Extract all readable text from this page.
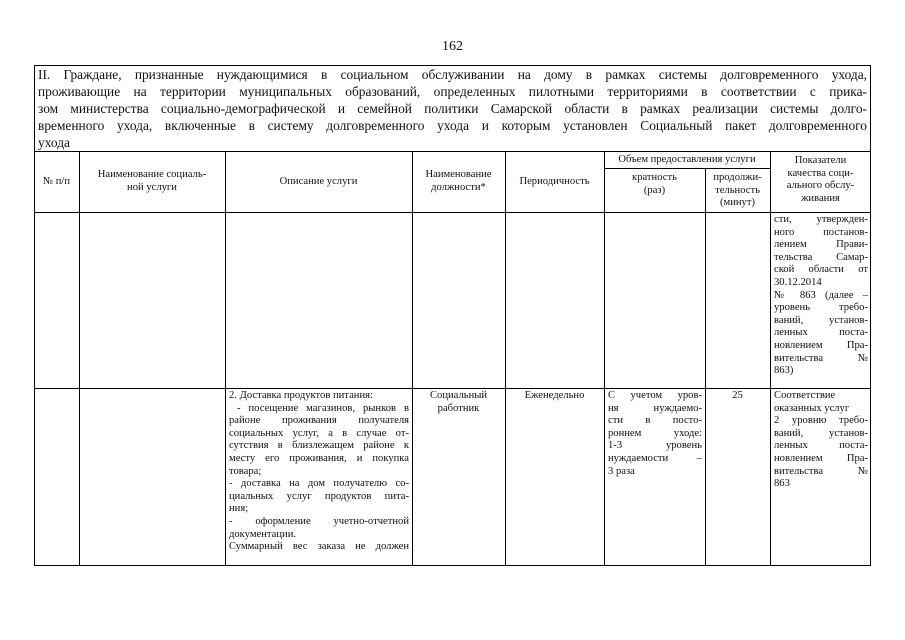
162
II. Граждане, признанные нуждающимися в социальном обслуживании на дому в рамках системы долговременного ухода,
проживающие на территории муниципальных образований, определенных пилотными территориями в соответствии с прика-
зом министерства социально-демографической и семейной политики Самарской области в рамках реализации системы долго-
временного ухода, включенные в систему долговременного ухода и которым установлен Социальный пакет долговременного
ухода
№ п/п
Наименование социаль-
ной услуги
Описание услуги
Наименование
должности*
Периодичность
Объем предоставления услуги
кратность
(раз)
продолжи-
тельность
(минут)
Показатели
качества соци-
ального обслу-
живания
сти, утвержден-
ного постанов-
лением Прави-
тельства Самар-
ской области от
30.12.2014
№ 863 (далее –
уровень требо-
ваний, установ-
ленных поста-
новлением Пра-
вительства №
863)
2. Доставка продуктов питания:
- посещение магазинов, рынков в
районе проживания получателя
социальных услуг, а в случае от-
сутствия в близлежащем районе к
месту его проживания, и покупка
товара;
- доставка на дом получателю со-
циальных услуг продуктов пита-
ния;
- оформление учетно-отчетной
документации.
Суммарный вес заказа не должен
Социальный
работник
Еженедельно	С учетом уров-
ня нуждаемо-
сти в посто-
роннем уходе:
1-3 уровень
нуждаемости –
3 раза
25	Соответствие
оказанных услуг
2 уровню требо-
ваний, установ-
ленных поста-
новлением Пра-
вительства №
863
